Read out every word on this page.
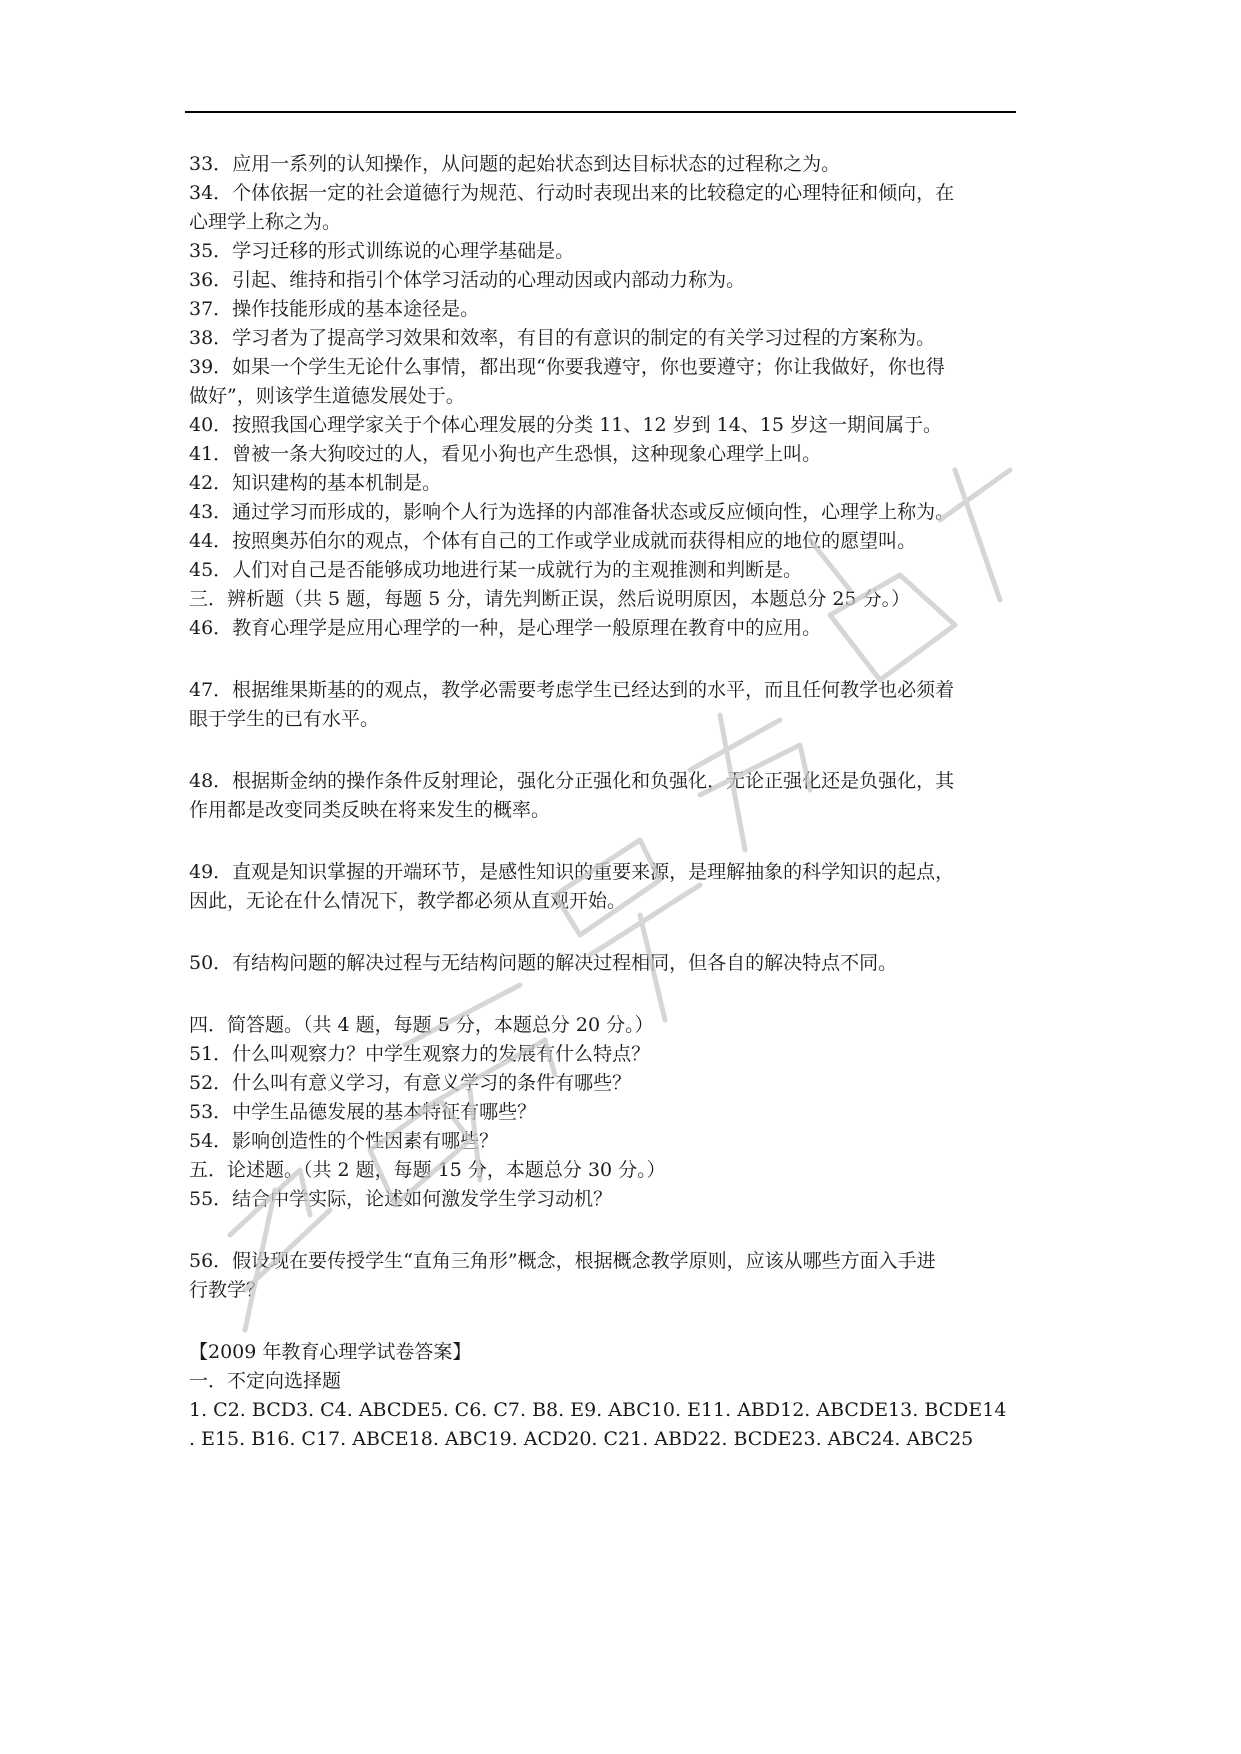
33．应用一系列的认知操作，从问题的起始状态到达目标状态的过程称之为。
34．个体依据一定的社会道德行为规范、行动时表现出来的比较稳定的心理特征和倾向，在
心理学上称之为。
35．学习迁移的形式训练说的心理学基础是。
36．引起、维持和指引个体学习活动的心理动因或内部动力称为。
37．操作技能形成的基本途径是。
38．学习者为了提高学习效果和效率，有目的有意识的制定的有关学习过程的方案称为。
39．如果一个学生无论什么事情，都出现“你要我遵守，你也要遵守；你让我做好，你也得
做好”，则该学生道德发展处于。
40．按照我国心理学家关于个体心理发展的分类 11、12 岁到 14、15 岁这一期间属于。
41．曾被一条大狗咬过的人，看见小狗也产生恐惧，这种现象心理学上叫。
42．知识建构的基本机制是。
43．通过学习而形成的，影响个人行为选择的内部准备状态或反应倾向性，心理学上称为。
44．按照奥苏伯尔的观点，个体有自己的工作或学业成就而获得相应的地位的愿望叫。
45．人们对自己是否能够成功地进行某一成就行为的主观推测和判断是。
三．辨析题（共 5 题，每题 5 分，请先判断正误，然后说明原因，本题总分 25 分。）
46．教育心理学是应用心理学的一种，是心理学一般原理在教育中的应用。
47．根据维果斯基的的观点，教学必需要考虑学生已经达到的水平，而且任何教学也必须着
眼于学生的已有水平。
48．根据斯金纳的操作条件反射理论，强化分正强化和负强化，无论正强化还是负强化，其
作用都是改变同类反映在将来发生的概率。
49．直观是知识掌握的开端环节，是感性知识的重要来源，是理解抽象的科学知识的起点，
因此，无论在什么情况下，教学都必须从直观开始。
50．有结构问题的解决过程与无结构问题的解决过程相同，但各自的解决特点不同。
四．简答题。（共 4 题，每题 5 分，本题总分 20 分。）
51．什么叫观察力？中学生观察力的发展有什么特点？
52．什么叫有意义学习，有意义学习的条件有哪些？
53．中学生品德发展的基本特征有哪些？
54．影响创造性的个性因素有哪些？
五．论述题。（共 2 题，每题 15 分，本题总分 30 分。）
55．结合中学实际，论述如何激发学生学习动机？
56．假设现在要传授学生“直角三角形”概念，根据概念教学原则，应该从哪些方面入手进
行教学？
【2009 年教育心理学试卷答案】
一．不定向选择题
1. C2. BCD3. C4. ABCDE5. C6. C7. B8. E9. ABC10. E11. ABD12. ABCDE13. BCDE14
. E15. B16. C17. ABCE18. ABC19. ACD20. C21. ABD22. BCDE23. ABC24. ABC25
